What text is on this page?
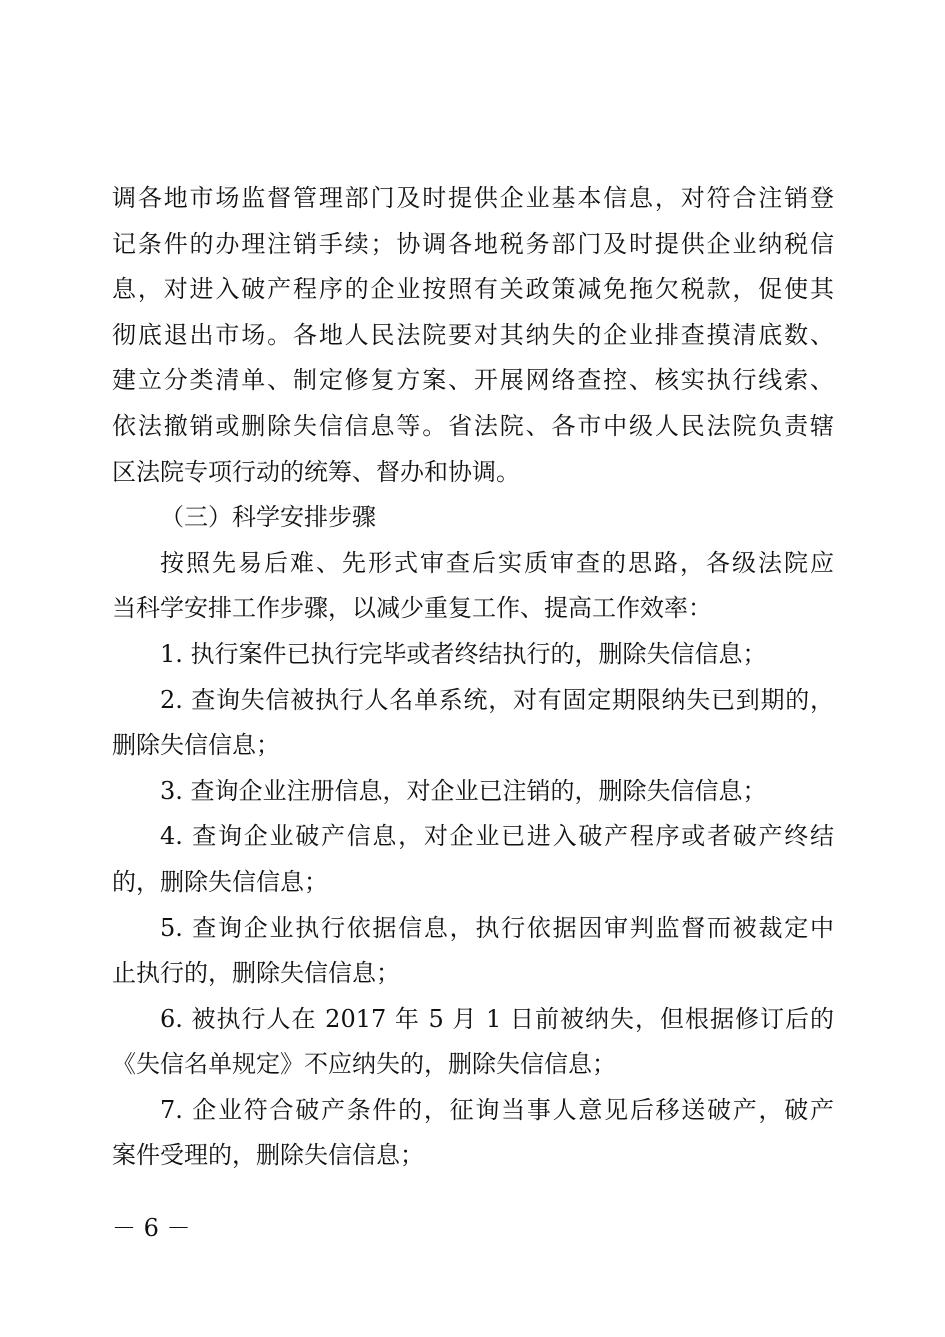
调各地市场监督管理部门及时提供企业基本信息，对符合注销登
记条件的办理注销手续；协调各地税务部门及时提供企业纳税信
息，对进入破产程序的企业按照有关政策减免拖欠税款，促使其
彻底退出市场。各地人民法院要对其纳失的企业排查摸清底数、
建立分类清单、制定修复方案、开展网络查控、核实执行线索、
依法撤销或删除失信信息等。省法院、各市中级人民法院负责辖
区法院专项行动的统筹、督办和协调。
（三）科学安排步骤
按照先易后难、先形式审查后实质审查的思路，各级法院应
当科学安排工作步骤，以减少重复工作、提高工作效率：
1. 执行案件已执行完毕或者终结执行的，删除失信信息；
2. 查询失信被执行人名单系统，对有固定期限纳失已到期的，
删除失信信息；
3. 查询企业注册信息，对企业已注销的，删除失信信息；
4. 查询企业破产信息，对企业已进入破产程序或者破产终结
的，删除失信信息；
5. 查询企业执行依据信息，执行依据因审判监督而被裁定中
止执行的，删除失信信息；
6. 被执行人在 2017 年 5 月 1 日前被纳失，但根据修订后的
《失信名单规定》不应纳失的，删除失信信息；
7. 企业符合破产条件的，征询当事人意见后移送破产，破产
案件受理的，删除失信信息；
－ 6 －
